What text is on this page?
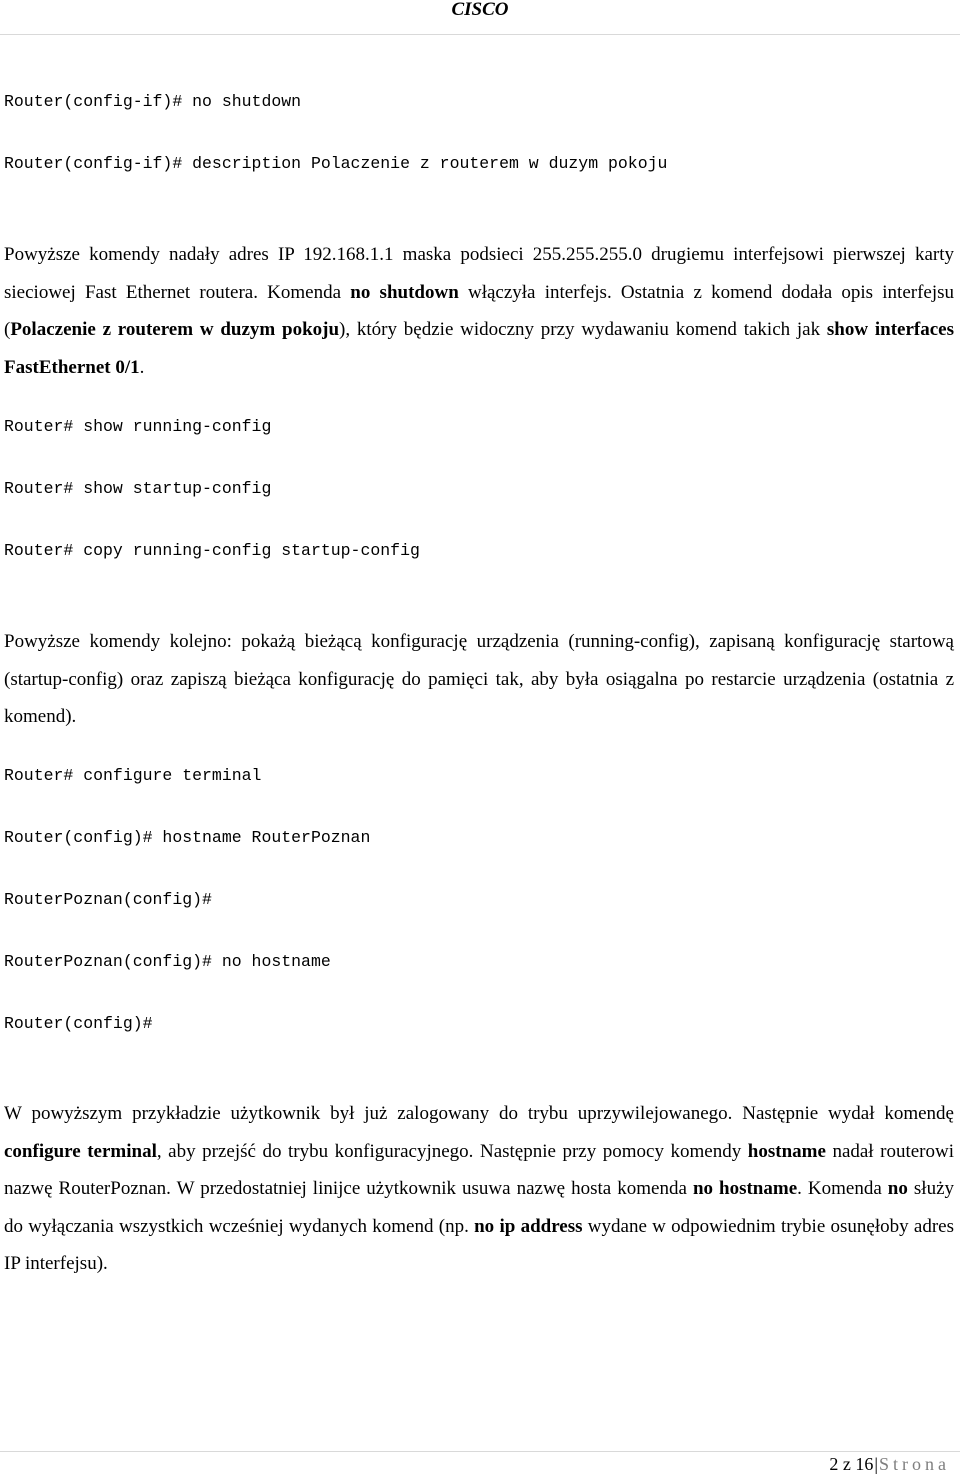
CISCO
Router(config-if)# no shutdown
Router(config-if)# description Polaczenie z routerem w duzym pokoju
Powyższe komendy nadały adres IP 192.168.1.1 maska podsieci 255.255.255.0 drugiemu interfejsowi pierwszej karty sieciowej Fast Ethernet routera. Komenda no shutdown włączyła interfejs. Ostatnia z komend dodała opis interfejsu (Polaczenie z routerem w duzym pokoju), który będzie widoczny przy wydawaniu komend takich jak show interfaces FastEthernet 0/1.
Router# show running-config
Router# show startup-config
Router# copy running-config startup-config
Powyższe komendy kolejno: pokażą bieżącą konfigurację urządzenia (running-config), zapisaną konfigurację startową (startup-config) oraz zapiszą bieżąca konfigurację do pamięci tak, aby była osiągalna po restarcie urządzenia (ostatnia z komend).
Router# configure terminal
Router(config)# hostname RouterPoznan
RouterPoznan(config)#
RouterPoznan(config)# no hostname
Router(config)#
W powyższym przykładzie użytkownik był już zalogowany do trybu uprzywilejowanego. Następnie wydał komendę configure terminal, aby przejść do trybu konfiguracyjnego. Następnie przy pomocy komendy hostname nadał routerowi nazwę RouterPoznan. W przedostatniej linijce użytkownik usuwa nazwę hosta komenda no hostname. Komenda no służy do wyłączania wszystkich wcześniej wydanych komend (np. no ip address wydane w odpowiednim trybie osunęłoby adres IP interfejsu).
2 z 16|Strona
